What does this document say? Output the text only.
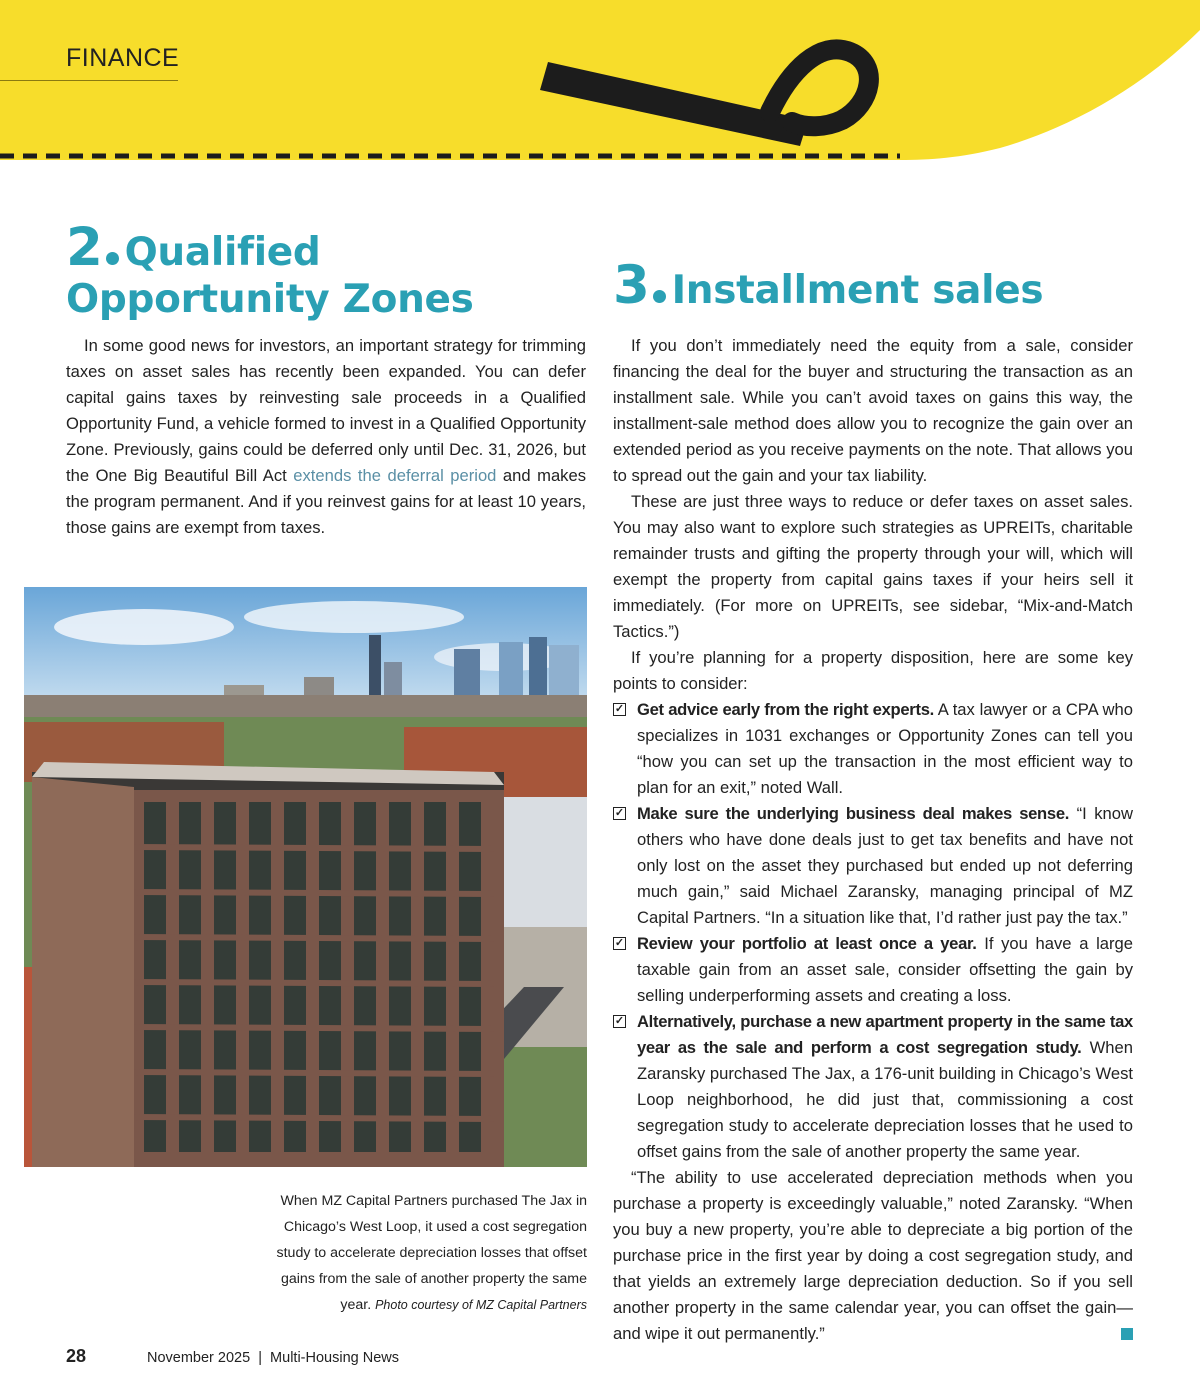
FINANCE
2 Qualified
Opportunity Zones

In some good news for investors, an important strategy for trimming taxes on asset sales has recently been expanded. You can defer capital gains taxes by reinvesting sale proceeds in a Qualified Opportunity Fund, a vehicle formed to invest in a Qualified Opportunity Zone. Previously, gains could be deferred only until Dec. 31, 2026, but the One Big Beautiful Bill Act extends the deferral period and makes the program permanent. And if you reinvest gains for at least 10 years, those gains are exempt from taxes.

When MZ Capital Partners purchased The Jax in Chicago’s West Loop, it used a cost segregation study to accelerate depreciation losses that offset gains from the sale of another property the same year. Photo courtesy of MZ Capital Partners
3 Installment sales

If you don’t immediately need the equity from a sale, consider financing the deal for the buyer and structuring the transaction as an installment sale. While you can’t avoid taxes on gains this way, the installment-sale method does allow you to recognize the gain over an extended period as you receive payments on the note. That allows you to spread out the gain and your tax liability.

These are just three ways to reduce or defer taxes on asset sales. You may also want to explore such strategies as UPREITs, charitable remainder trusts and gifting the property through your will, which will exempt the property from capital gains taxes if your heirs sell it immediately. (For more on UPREITs, see sidebar, “Mix-and-Match Tactics.”)

If you’re planning for a property disposition, here are some key points to consider:

✓ Get advice early from the right experts. A tax lawyer or a CPA who specializes in 1031 exchanges or Opportunity Zones can tell you “how you can set up the transaction in the most efficient way to plan for an exit,” noted Wall.
✓ Make sure the underlying business deal makes sense. “I know others who have done deals just to get tax benefits and have not only lost on the asset they purchased but ended up not deferring much gain,” said Michael Zaransky, managing principal of MZ Capital Partners. “In a situation like that, I’d rather just pay the tax.”
✓ Review your portfolio at least once a year. If you have a large taxable gain from an asset sale, consider offsetting the gain by selling underperforming assets and creating a loss.
✓ Alternatively, purchase a new apartment property in the same tax year as the sale and perform a cost segregation study. When Zaransky purchased The Jax, a 176-unit building in Chicago’s West Loop neighborhood, he did just that, commissioning a cost segregation study to accelerate depreciation losses that he used to offset gains from the sale of another property the same year.

“The ability to use accelerated depreciation methods when you purchase a property is exceedingly valuable,” noted Zaransky. “When you buy a new property, you’re able to depreciate a big portion of the purchase price in the first year by doing a cost segregation study, and that yields an extremely large depreciation deduction. So if you sell another property in the same calendar year, you can offset the gain—and wipe it out permanently.”

28	November 2025  |  Multi-Housing News
